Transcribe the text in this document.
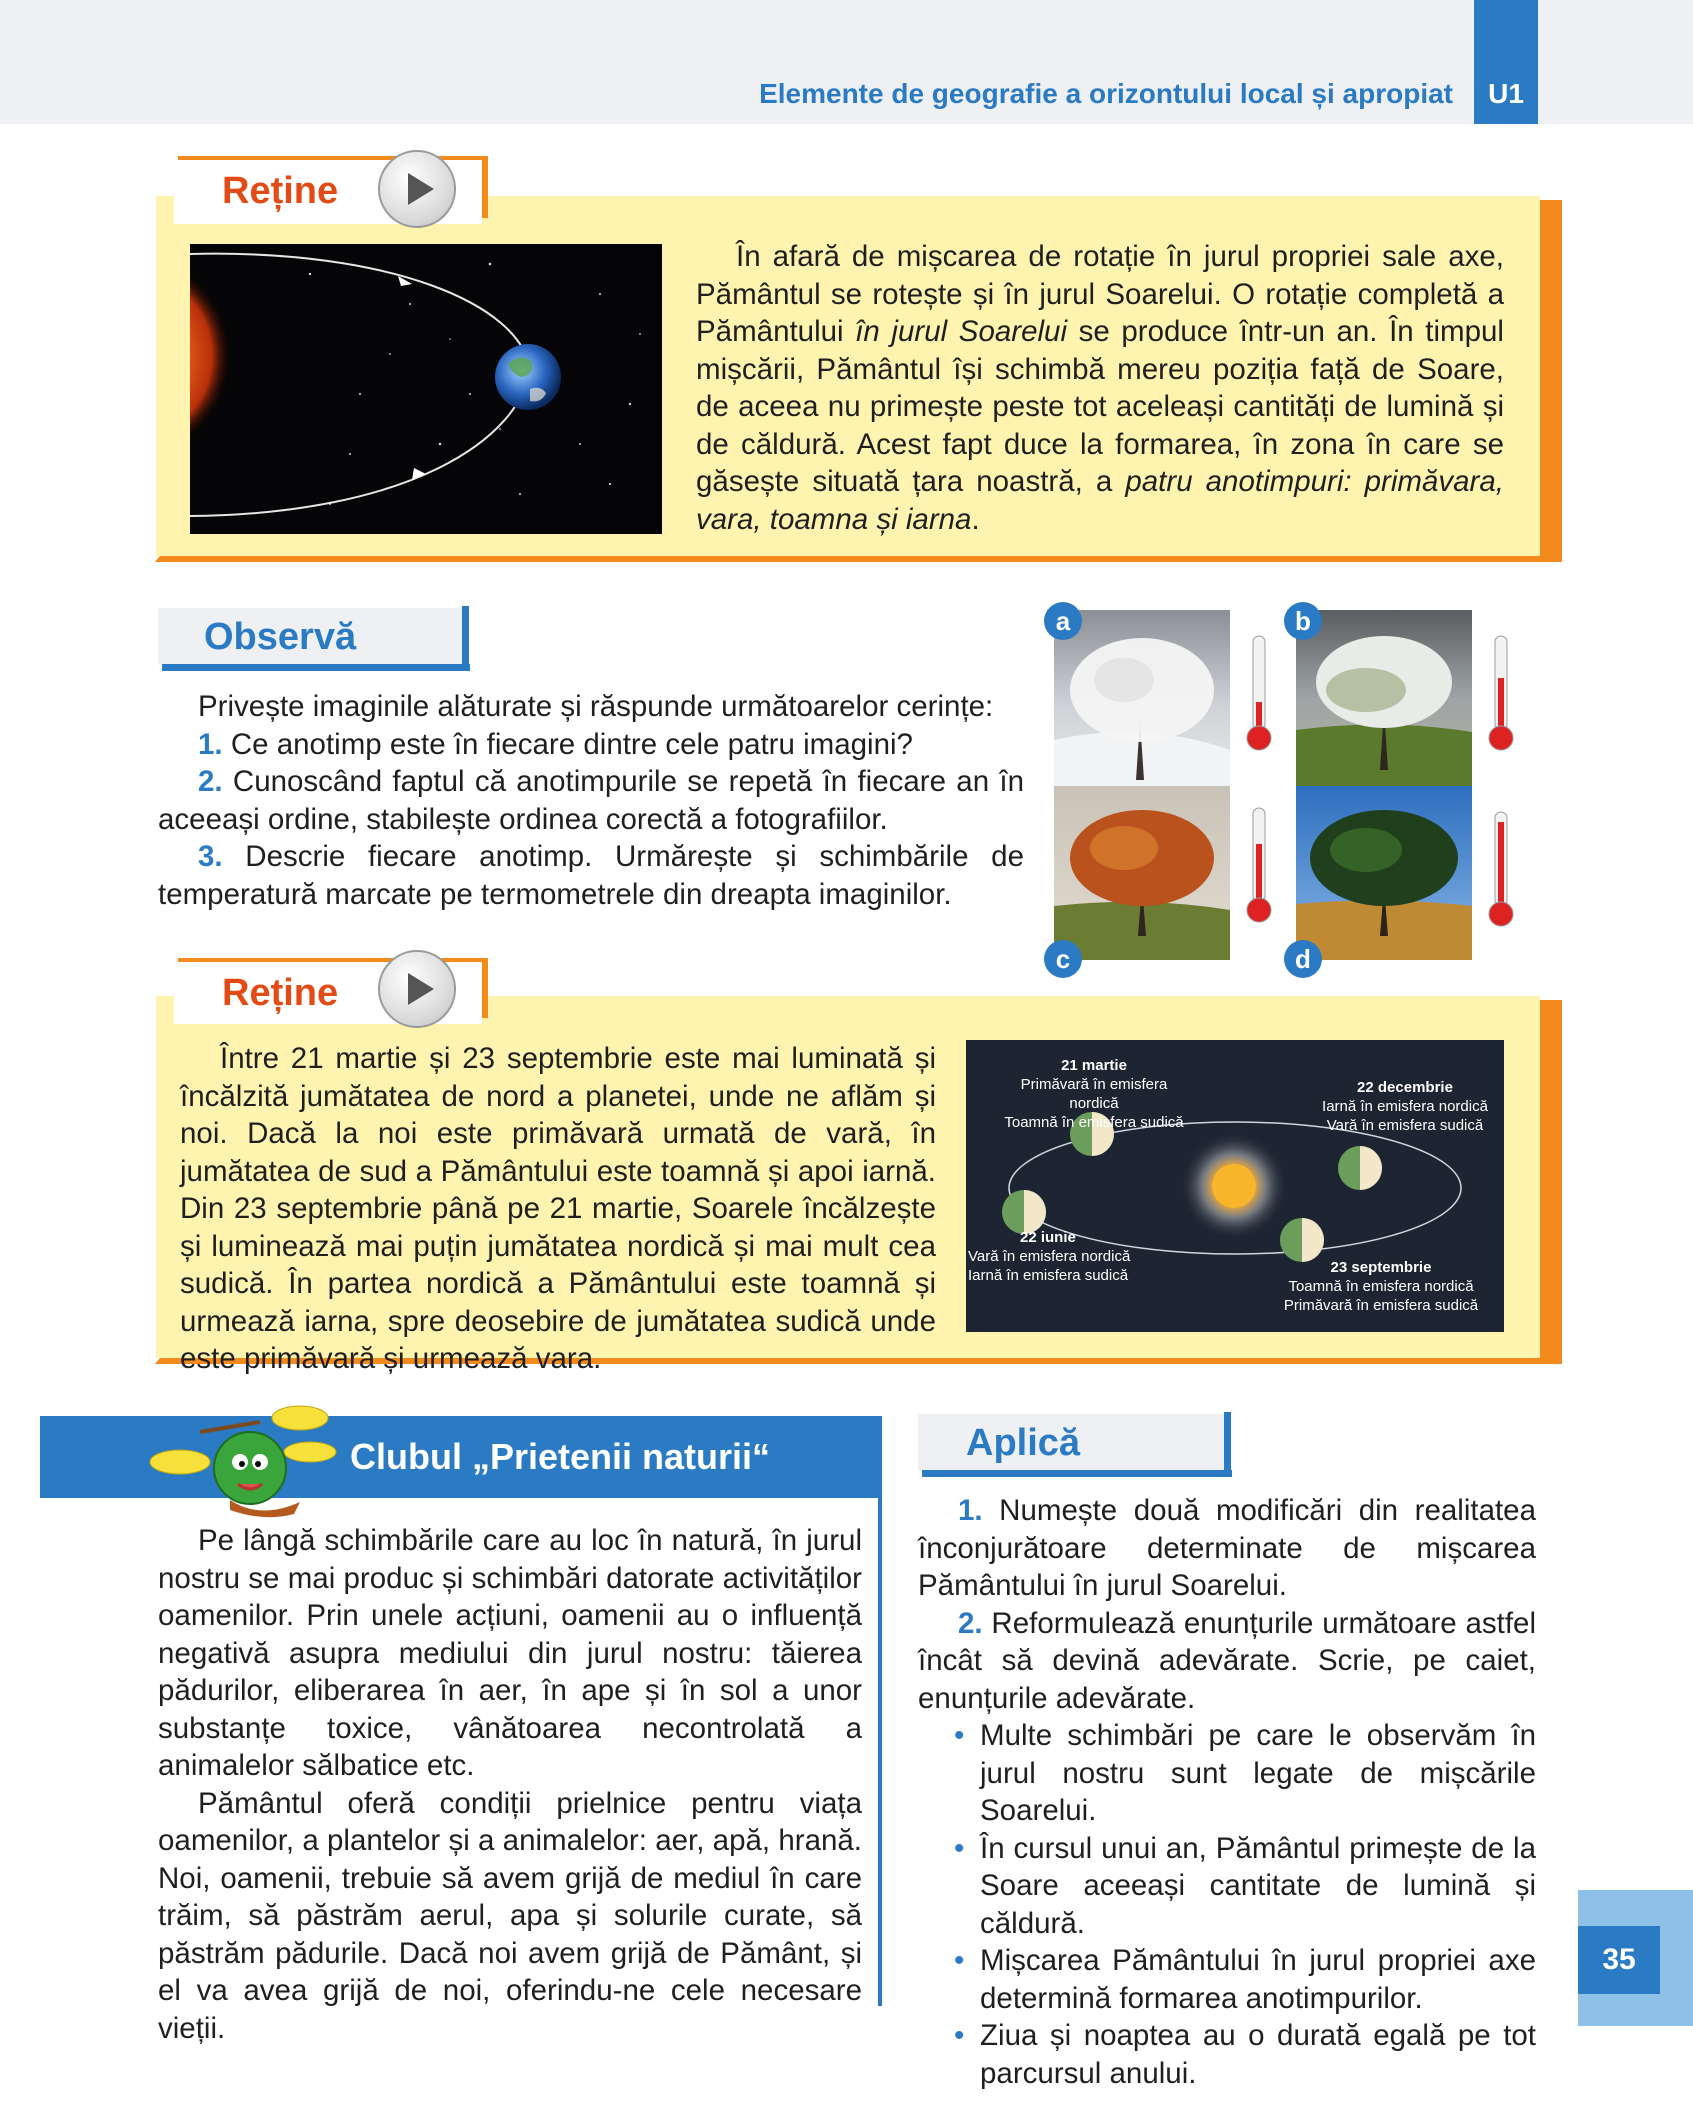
Elemente de geografie a orizontului local și apropiat	U1
Reține

În afară de mișcarea de rotație în jurul propriei sale axe, Pământul se rotește și în jurul Soarelui. O rotație completă a Pământului în jurul Soarelui se produce într-un an. În timpul mișcării, Pământul își schimbă mereu poziția față de Soare, de aceea nu primește peste tot aceleași cantități de lumină și de căldură. Acest fapt duce la formarea, în zona în care se găsește situată țara noastră, a patru anotimpuri: primăvara, vara, toamna și iarna.

Observă

Privește imaginile alăturate și răspunde următoarelor cerințe:

1. Ce anotimp este în fiecare dintre cele patru imagini?

2. Cunoscând faptul că anotimpurile se repetă în fiecare an în aceeași ordine, stabilește ordinea corectă a fotografiilor.

3. Descrie fiecare anotimp. Urmărește și schimbările de temperatură marcate pe termometrele din dreapta imaginilor.

a	b
c	d
Reține

Între 21 martie și 23 septembrie este mai luminată și încălzită jumătatea de nord a planetei, unde ne aflăm și noi. Dacă la noi este primăvară urmată de vară, în jumătatea de sud a Pământului este toamnă și apoi iarnă. Din 23 septembrie până pe 21 martie, Soarele încălzește și luminează mai puțin jumătatea nordică și mai mult cea sudică. În partea nordică a Pământului este toamnă și urmează iarna, spre deosebire de jumătatea sudică unde este primăvară și urmează vara.

21 martie
Primăvară în emisfera nordică
Toamnă în emisfera sudică
22 decembrie
Iarnă în emisfera nordică
Vară în emisfera sudică
22 iunie
Vară în emisfera nordică
Iarnă în emisfera sudică	23 septembrie
Toamnă în emisfera nordică
Primăvară în emisfera sudică
Clubul „Prietenii naturii“

Pe lângă schimbările care au loc în natură, în jurul nostru se mai produc și schimbări datorate activităților oamenilor. Prin unele acțiuni, oamenii au o influență negativă asupra mediului din jurul nostru: tăierea pădurilor, eliberarea în aer, în ape și în sol a unor substanțe toxice, vânătoarea necontrolată a animalelor sălbatice etc.

Pământul oferă condiții prielnice pentru viața oamenilor, a plantelor și a animalelor: aer, apă, hrană. Noi, oamenii, trebuie să avem grijă de mediul în care trăim, să păstrăm aerul, apa și solurile curate, să păstrăm pădurile. Dacă noi avem grijă de Pământ, și el va avea grijă de noi, oferindu-ne cele necesare vieții.

Aplică

1. Numește două modificări din realitatea înconjurătoare determinate de mișcarea Pământului în jurul Soarelui.

2. Reformulează enunțurile următoare astfel încât să devină adevărate. Scrie, pe caiet, enunțurile adevărate.

• Multe schimbări pe care le observăm în jurul nostru sunt legate de mișcările Soarelui.
• În cursul unui an, Pământul primește de la Soare aceeași cantitate de lumină și căldură.
• Mișcarea Pământului în jurul propriei axe determină formarea anotimpurilor.
• Ziua și noaptea au o durată egală pe tot parcursul anului.
35
